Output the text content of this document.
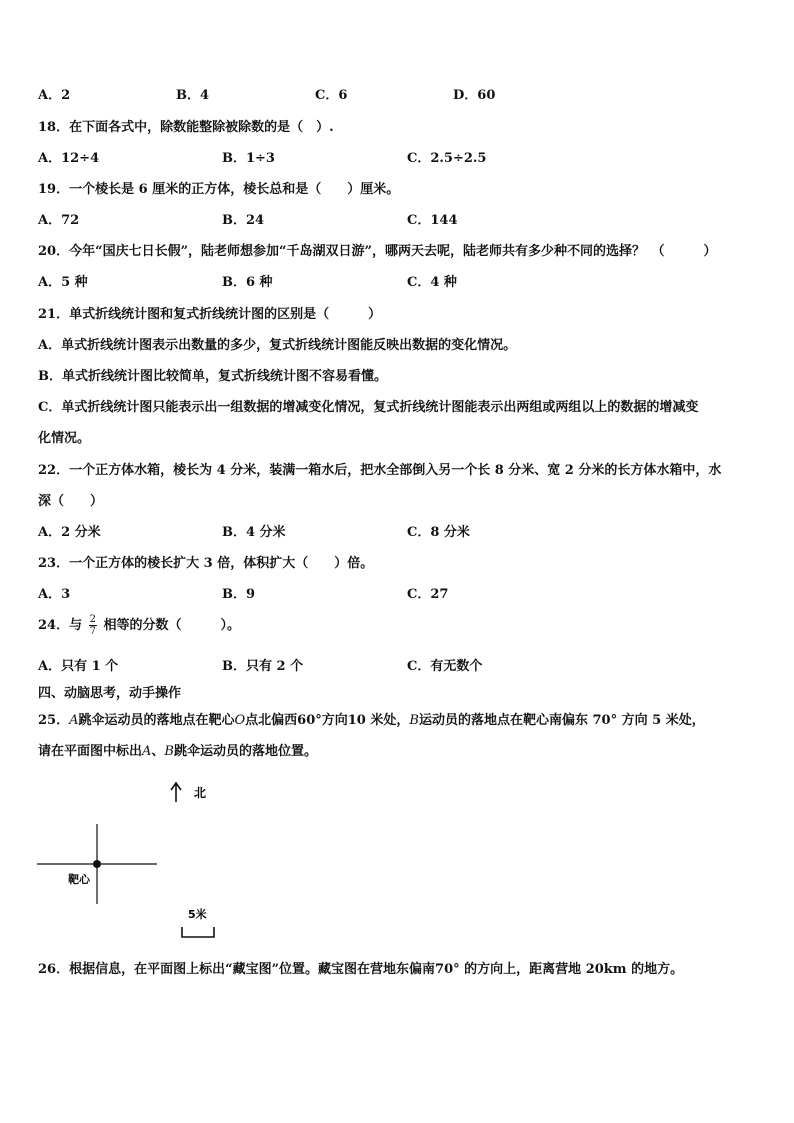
A．2	B．4	C．6	D．60
18．在下面各式中，除数能整除被除数的是（　）.
A．12÷4	B．1÷3	C．2.5÷2.5
19．一个棱长是 6 厘米的正方体，棱长总和是（　　）厘米。
A．72	B．24	C．144
20．今年“国庆七日长假”，陆老师想参加“千岛湖双日游”，哪两天去呢，陆老师共有多少种不同的选择？　（　　　）
A．5 种	B．6 种	C．4 种
21．单式折线统计图和复式折线统计图的区别是（　　　）
A．单式折线统计图表示出数量的多少，复式折线统计图能反映出数据的变化情况。
B．单式折线统计图比较简单，复式折线统计图不容易看懂。
C．单式折线统计图只能表示出一组数据的增减变化情况，复式折线统计图能表示出两组或两组以上的数据的增减变
化情况。
22．一个正方体水箱，棱长为 4 分米，装满一箱水后，把水全部倒入另一个长 8 分米、宽 2 分米的长方体水箱中，水
深（　　）
A．2 分米	B．4 分米	C．8 分米
23．一个正方体的棱长扩大 3 倍，体积扩大（　　）倍。
A．3	B．9	C．27
24．与 $\frac{2}{7}$ 相等的分数（　　　）。
A．只有 1 个	B．只有 2 个	C．有无数个
四、动脑思考，动手操作
25．A跳伞运动员的落地点在靶心O点北偏西60°方向10 米处，B运动员的落地点在靶心南偏东 70° 方向 5 米处，
请在平面图中标出A、B跳伞运动员的落地位置。
北
靶心
5米
26．根据信息，在平面图上标出“藏宝图”位置。藏宝图在营地东偏南70° 的方向上，距离营地 20km 的地方。
